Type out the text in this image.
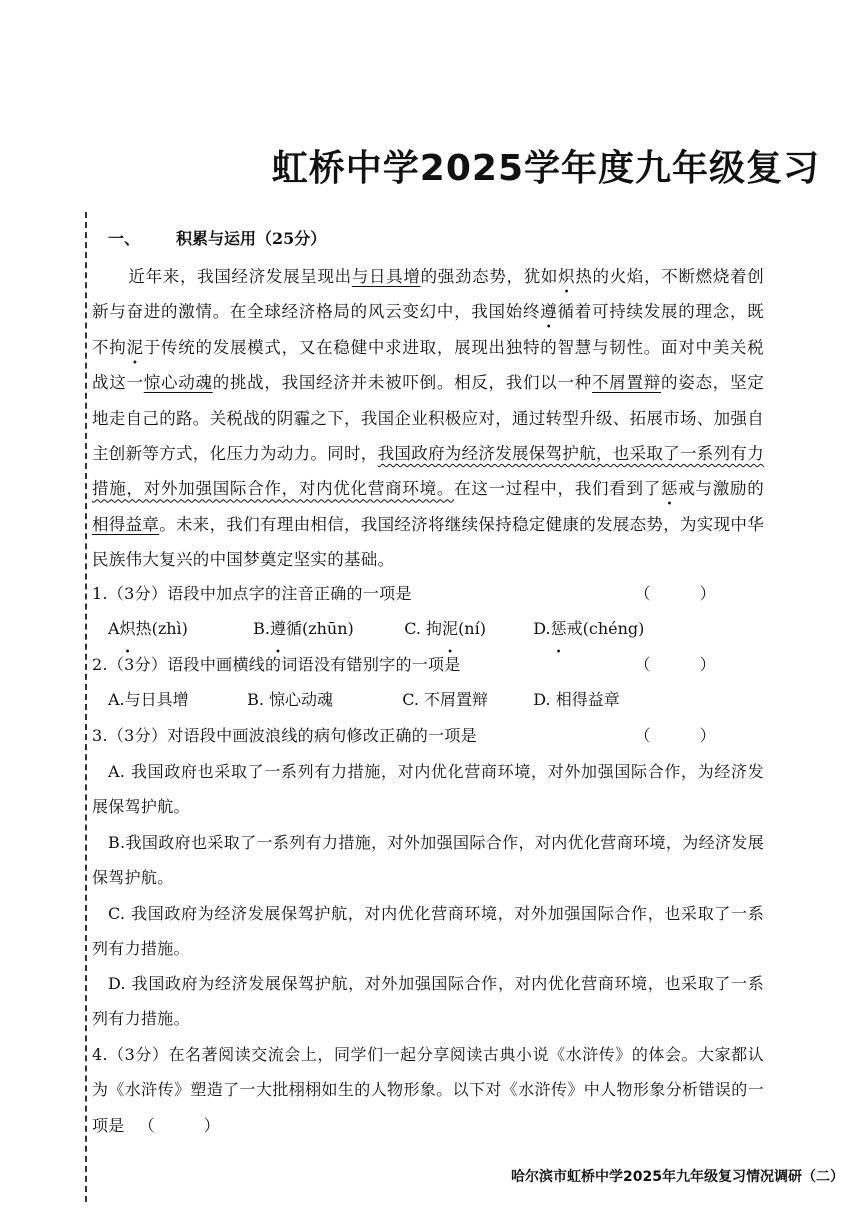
虹桥中学2025学年度九年级复习
一、 积累与运用（25分）
近年来，我国经济发展呈现出与日具增的强劲态势，犹如炽热的火焰，不断燃烧着创新与奋进的激情。在全球经济格局的风云变幻中，我国始终遵循着可持续发展的理念，既不拘泥于传统的发展模式，又在稳健中求进取，展现出独特的智慧与韧性。面对中美关税战这一惊心动魂的挑战，我国经济并未被吓倒。相反，我们以一种不屑置辩的姿态，坚定地走自己的路。关税战的阴霾之下，我国企业积极应对，通过转型升级、拓展市场、加强自主创新等方式，化压力为动力。同时，我国政府为经济发展保驾护航，也采取了一系列有力措施，对外加强国际合作，对内优化营商环境。在这一过程中，我们看到了惩戒与激励的相得益章。未来，我们有理由相信，我国经济将继续保持稳定健康的发展态势，为实现中华民族伟大复兴的中国梦奠定坚实的基础。
1.（3分）语段中加点字的注音正确的一项是	（　　　）
A炽热(zhì)	B.遵循(zhūn)	C. 拘泥(ní)	D.惩戒(chéng)
2.（3分）语段中画横线的词语没有错别字的一项是	（　　　）
A.与日具增	B. 惊心动魂	C. 不屑置辩	D. 相得益章
3.（3分）对语段中画波浪线的病句修改正确的一项是	（　　　）
A. 我国政府也采取了一系列有力措施，对内优化营商环境，对外加强国际合作，为经济发展保驾护航。
B.我国政府也采取了一系列有力措施，对外加强国际合作，对内优化营商环境，为经济发展保驾护航。
C. 我国政府为经济发展保驾护航，对内优化营商环境，对外加强国际合作，也采取了一系列有力措施。
D. 我国政府为经济发展保驾护航，对外加强国际合作，对内优化营商环境，也采取了一系列有力措施。
4.（3分）在名著阅读交流会上，同学们一起分享阅读古典小说《水浒传》的体会。大家都认为《水浒传》塑造了一大批栩栩如生的人物形象。以下对《水浒传》中人物形象分析错误的一项是 （　　　）
哈尔滨市虹桥中学2025年九年级复习情况调研（二）
